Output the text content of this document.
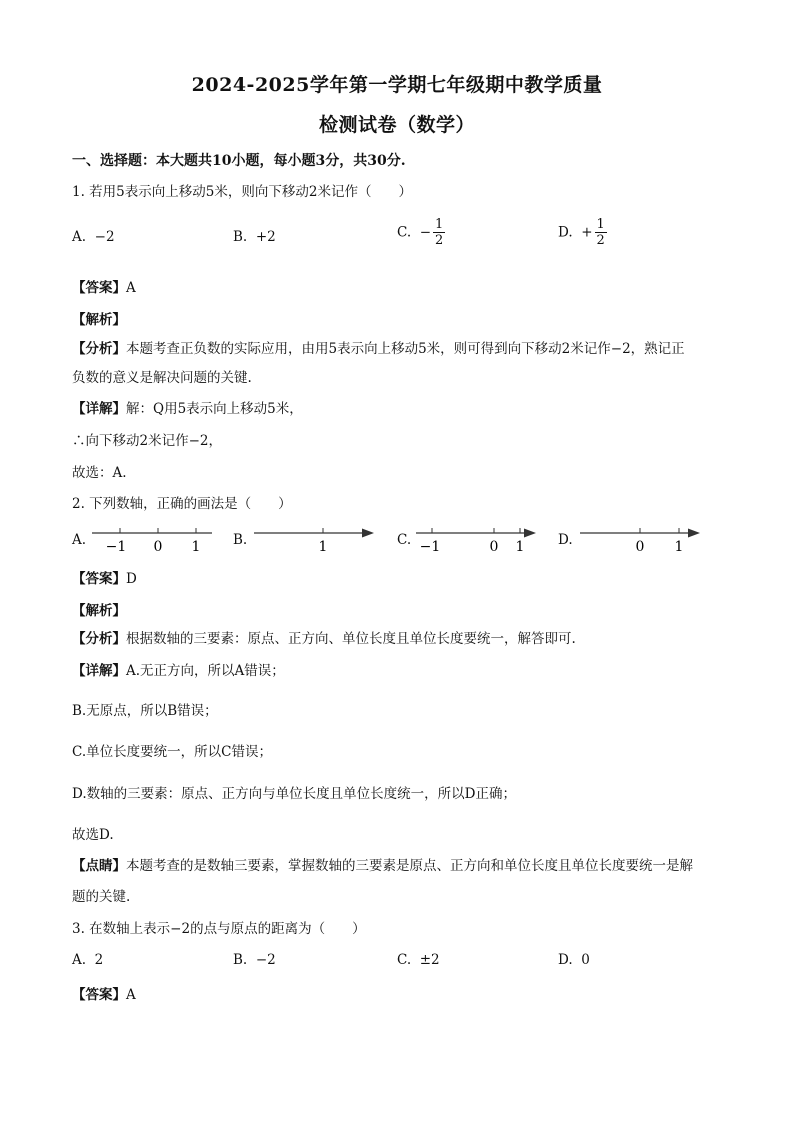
2024-2025学年第一学期七年级期中教学质量
检测试卷（数学）
一、选择题：本大题共10小题，每小题3分，共30分.
1. 若用5表示向上移动5米，则向下移动2米记作（　　）
A. −2	B. +2	C. − $\frac{1}{2}$	D. + $\frac{1}{2}$
【答案】A
【解析】
【分析】本题考查正负数的实际应用，由用5表示向上移动5米，则可得到向下移动2米记作−2，熟记正
负数的意义是解决问题的关键.
【详解】解：Q用5表示向上移动5米，
∴向下移动2米记作−2，
故选：A.
2. 下列数轴，正确的画法是（　　）
A. −1 0 1 B.	1	C. −1	0 1 D.	0 1
【答案】D
【解析】
【分析】根据数轴的三要素：原点、正方向、单位长度且单位长度要统一，解答即可.
【详解】A.无正方向，所以A错误；
B.无原点，所以B错误；
C.单位长度要统一，所以C错误；
D.数轴的三要素：原点、正方向与单位长度且单位长度统一，所以D正确；
故选D.
【点睛】本题考查的是数轴三要素，掌握数轴的三要素是原点、正方向和单位长度且单位长度要统一是解
题的关键.
3. 在数轴上表示−2的点与原点的距离为（　　）
A. 2	B. −2	C. ±2	D. 0
【答案】A
